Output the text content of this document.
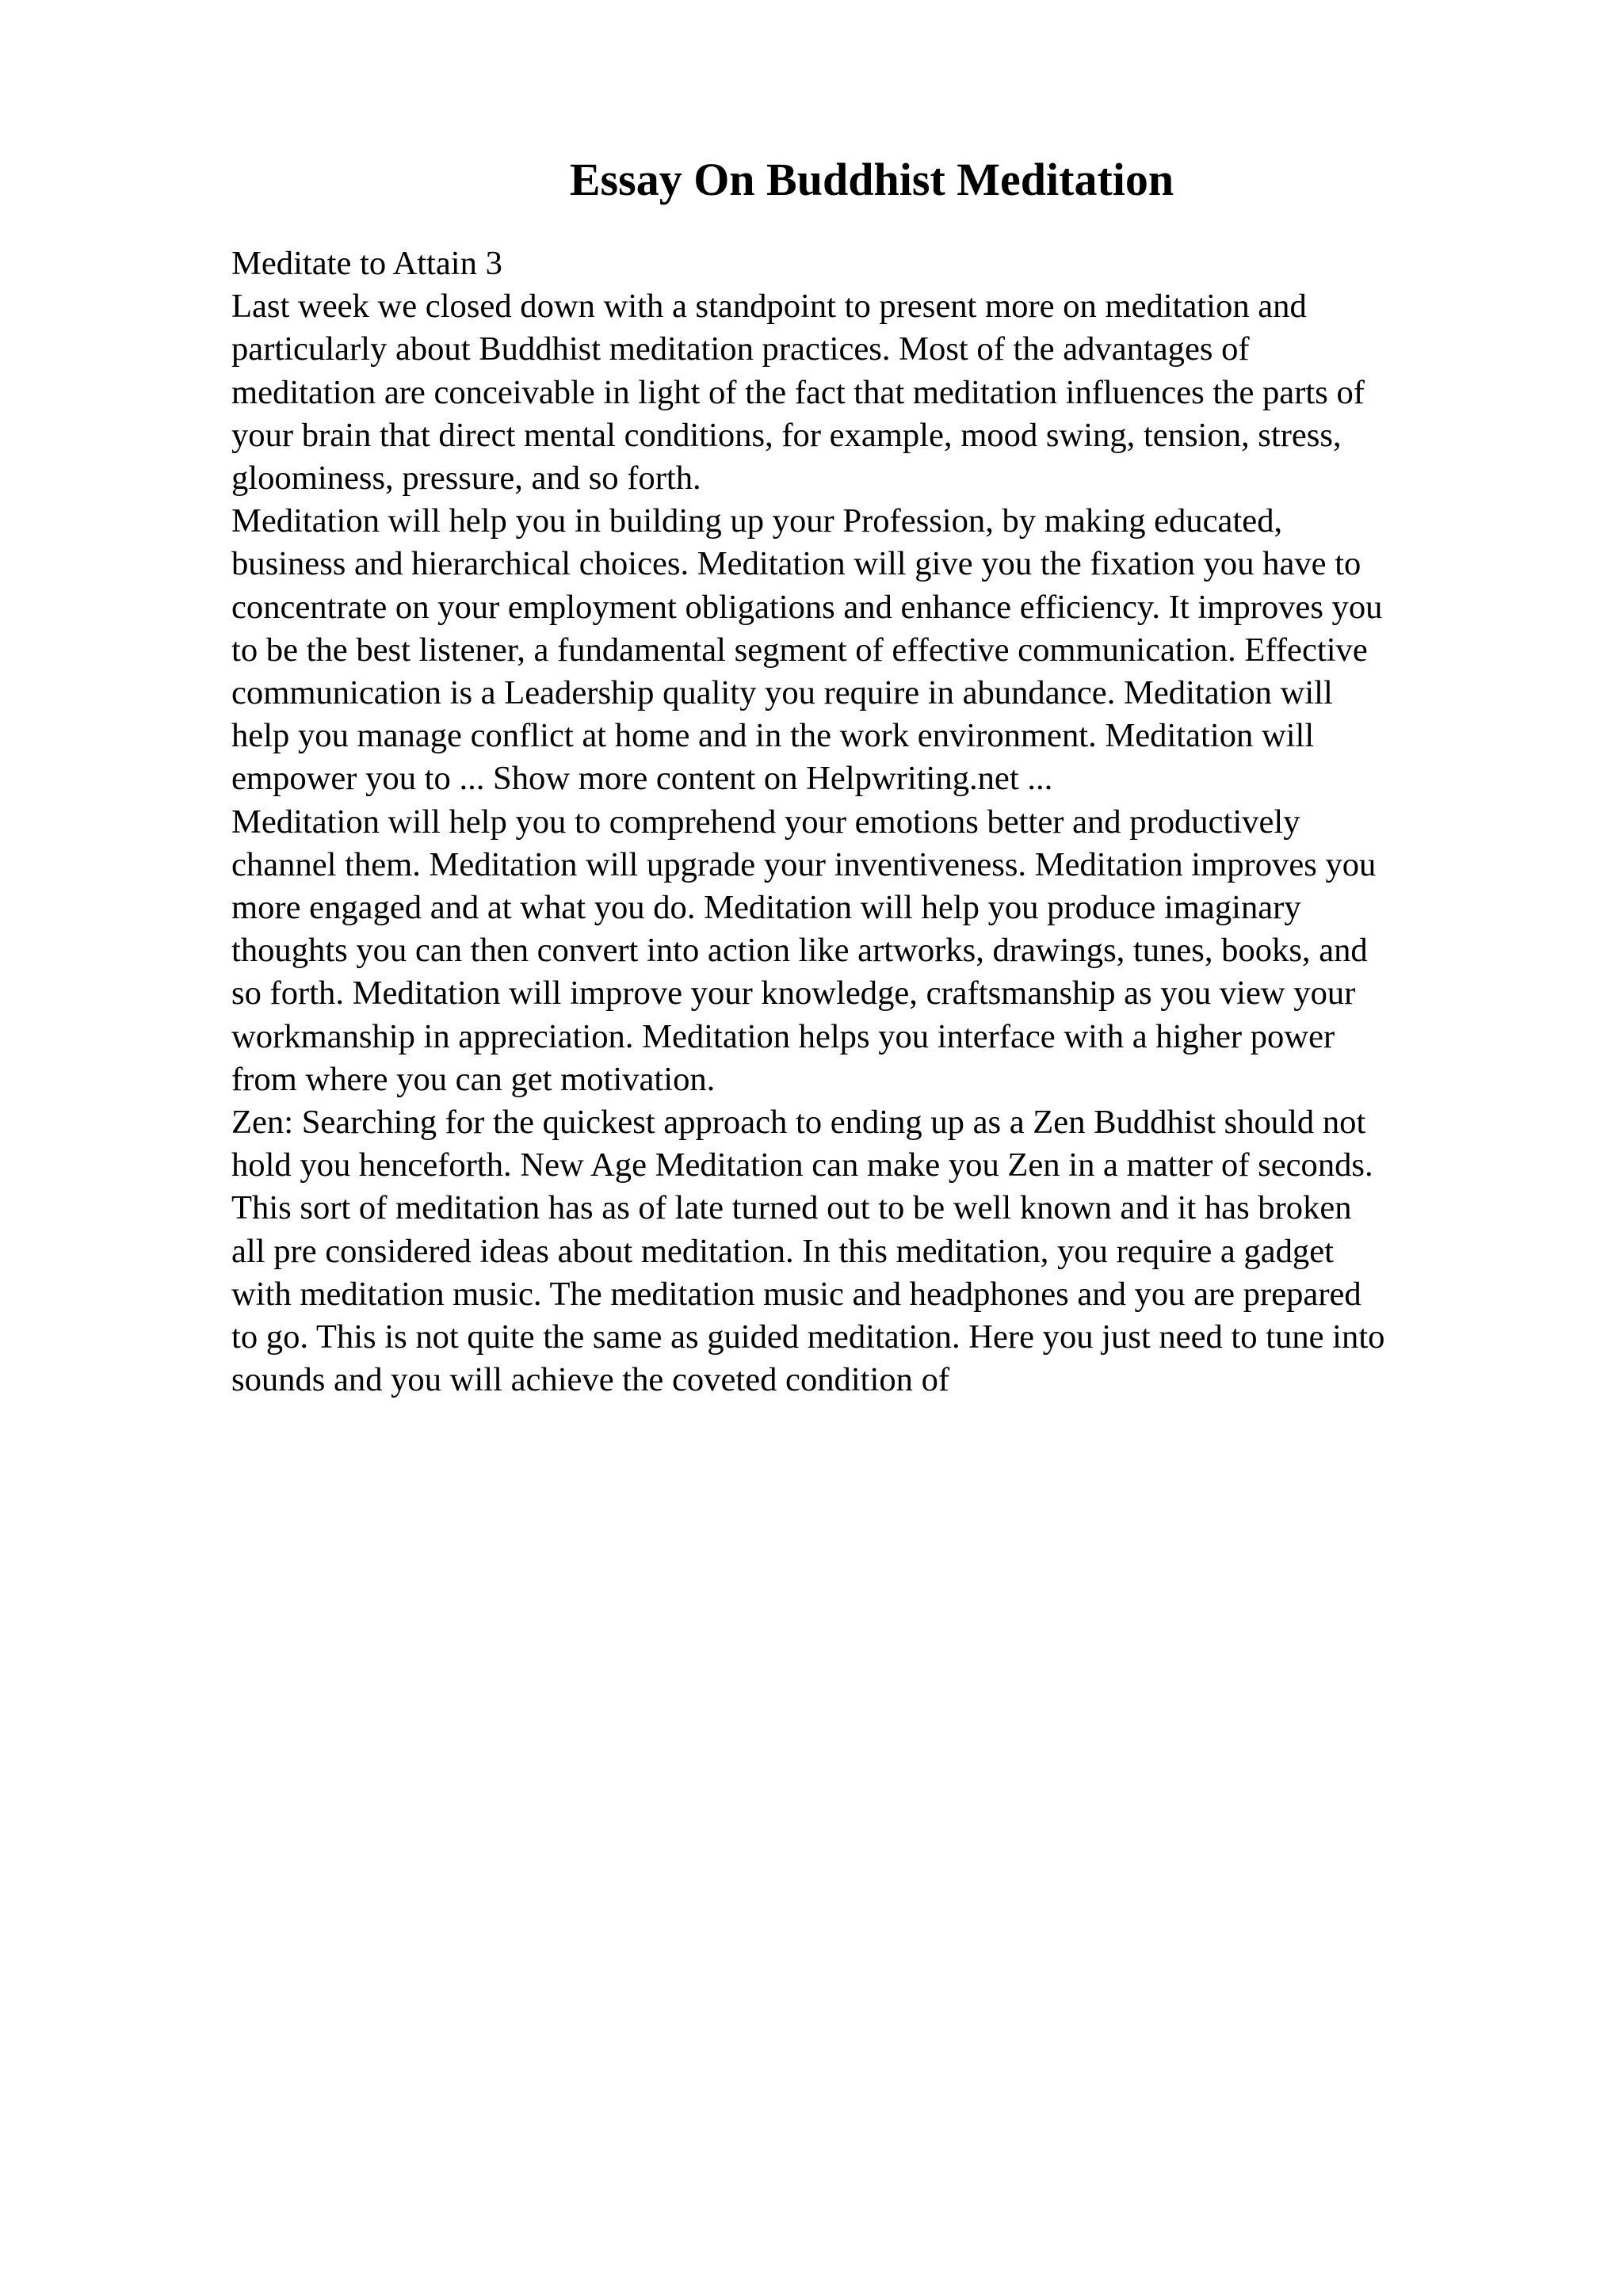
Essay On Buddhist Meditation
Meditate to Attain 3
Last week we closed down with a standpoint to present more on meditation and
particularly about Buddhist meditation practices. Most of the advantages of
meditation are conceivable in light of the fact that meditation influences the parts of
your brain that direct mental conditions, for example, mood swing, tension, stress,
gloominess, pressure, and so forth.
Meditation will help you in building up your Profession, by making educated,
business and hierarchical choices. Meditation will give you the fixation you have to
concentrate on your employment obligations and enhance efficiency. It improves you
to be the best listener, a fundamental segment of effective communication. Effective
communication is a Leadership quality you require in abundance. Meditation will
help you manage conflict at home and in the work environment. Meditation will
empower you to ... Show more content on Helpwriting.net ...
Meditation will help you to comprehend your emotions better and productively
channel them. Meditation will upgrade your inventiveness. Meditation improves you
more engaged and at what you do. Meditation will help you produce imaginary
thoughts you can then convert into action like artworks, drawings, tunes, books, and
so forth. Meditation will improve your knowledge, craftsmanship as you view your
workmanship in appreciation. Meditation helps you interface with a higher power
from where you can get motivation.
Zen: Searching for the quickest approach to ending up as a Zen Buddhist should not
hold you henceforth. New Age Meditation can make you Zen in a matter of seconds.
This sort of meditation has as of late turned out to be well known and it has broken
all pre considered ideas about meditation. In this meditation, you require a gadget
with meditation music. The meditation music and headphones and you are prepared
to go. This is not quite the same as guided meditation. Here you just need to tune into
sounds and you will achieve the coveted condition of
